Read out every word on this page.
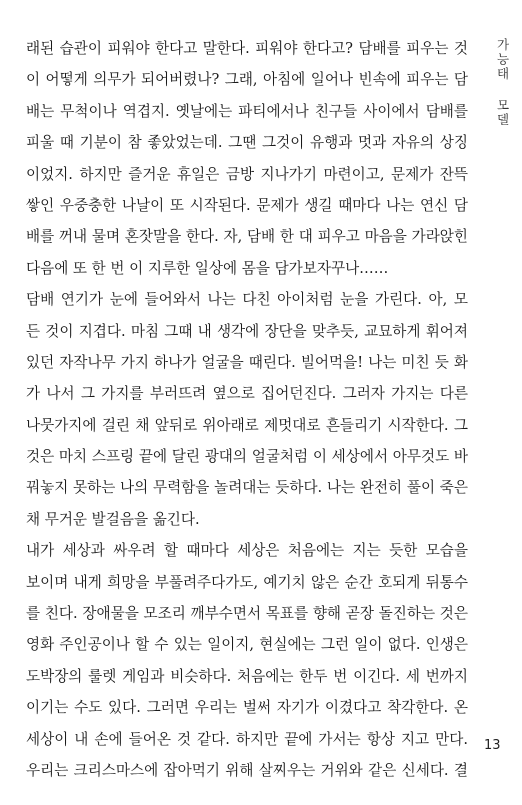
래된 습관이 피워야 한다고 말한다. 피워야 한다고? 담배를 피우는 것
이 어떻게 의무가 되어버렸나? 그래, 아침에 일어나 빈속에 피우는 담
배는 무척이나 역겹지. 옛날에는 파티에서나 친구들 사이에서 담배를
피울 때 기분이 참 좋았었는데. 그땐 그것이 유행과 멋과 자유의 상징
이었지. 하지만 즐거운 휴일은 금방 지나가기 마련이고, 문제가 잔뜩
쌓인 우중충한 나날이 또 시작된다. 문제가 생길 때마다 나는 연신 담
배를 꺼내 물며 혼잣말을 한다. 자, 담배 한 대 피우고 마음을 가라앉힌
다음에 또 한 번 이 지루한 일상에 몸을 담가보자꾸나……
담배 연기가 눈에 들어와서 나는 다친 아이처럼 눈을 가린다. 아, 모
든 것이 지겹다. 마침 그때 내 생각에 장단을 맞추듯, 교묘하게 휘어져
있던 자작나무 가지 하나가 얼굴을 때린다. 빌어먹을! 나는 미친 듯 화
가 나서 그 가지를 부러뜨려 옆으로 집어던진다. 그러자 가지는 다른
나뭇가지에 걸린 채 앞뒤로 위아래로 제멋대로 흔들리기 시작한다. 그
것은 마치 스프링 끝에 달린 광대의 얼굴처럼 이 세상에서 아무것도 바
꿔놓지 못하는 나의 무력함을 놀려대는 듯하다. 나는 완전히 풀이 죽은
채 무거운 발걸음을 옮긴다.
내가 세상과 싸우려 할 때마다 세상은 처음에는 지는 듯한 모습을
보이며 내게 희망을 부풀려주다가도, 예기치 않은 순간 호되게 뒤통수
를 친다. 장애물을 모조리 깨부수면서 목표를 향해 곧장 돌진하는 것은
영화 주인공이나 할 수 있는 일이지, 현실에는 그런 일이 없다. 인생은
도박장의 룰렛 게임과 비슷하다. 처음에는 한두 번 이긴다. 세 번까지
이기는 수도 있다. 그러면 우리는 벌써 자기가 이겼다고 착각한다. 온
세상이 내 손에 들어온 것 같다. 하지만 끝에 가서는 항상 지고 만다.
우리는 크리스마스에 잡아먹기 위해 살찌우는 거위와 같은 신세다. 결
가능태 모델
13
